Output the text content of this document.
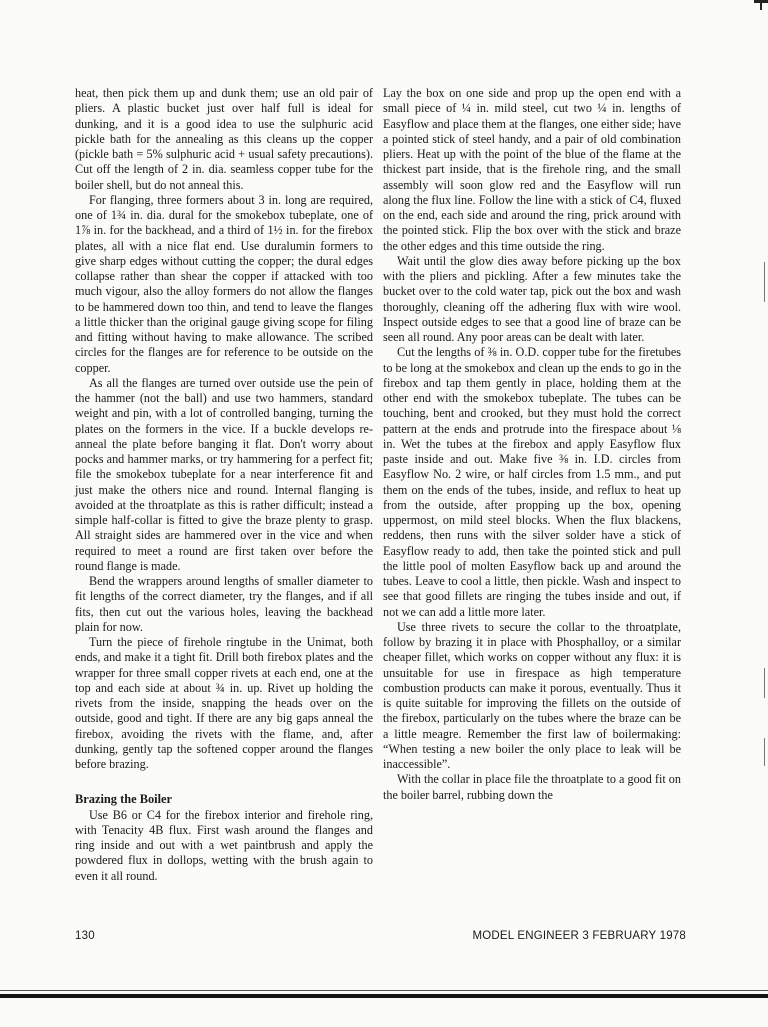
heat, then pick them up and dunk them; use an old pair of pliers. A plastic bucket just over half full is ideal for dunking, and it is a good idea to use the sulphuric acid pickle bath for the annealing as this cleans up the copper (pickle bath = 5% sulphuric acid + usual safety precautions). Cut off the length of 2 in. dia. seamless copper tube for the boiler shell, but do not anneal this.

For flanging, three formers about 3 in. long are required, one of 1¾ in. dia. dural for the smokebox tubeplate, one of 1⅞ in. for the backhead, and a third of 1½ in. for the firebox plates, all with a nice flat end. Use duralumin formers to give sharp edges without cutting the copper; the dural edges collapse rather than shear the copper if attacked with too much vigour, also the alloy formers do not allow the flanges to be hammered down too thin, and tend to leave the flanges a little thicker than the original gauge giving scope for filing and fitting without having to make allowance. The scribed circles for the flanges are for reference to be outside on the copper.

As all the flanges are turned over outside use the pein of the hammer (not the ball) and use two hammers, standard weight and pin, with a lot of controlled banging, turning the plates on the formers in the vice. If a buckle develops re-anneal the plate before banging it flat. Don't worry about pocks and hammer marks, or try hammering for a perfect fit; file the smokebox tubeplate for a near interference fit and just make the others nice and round. Internal flanging is avoided at the throatplate as this is rather difficult; instead a simple half-collar is fitted to give the braze plenty to grasp. All straight sides are hammered over in the vice and when required to meet a round are first taken over before the round flange is made.

Bend the wrappers around lengths of smaller diameter to fit lengths of the correct diameter, try the flanges, and if all fits, then cut out the various holes, leaving the backhead plain for now.

Turn the piece of firehole ringtube in the Unimat, both ends, and make it a tight fit. Drill both firebox plates and the wrapper for three small copper rivets at each end, one at the top and each side at about ¾ in. up. Rivet up holding the rivets from the inside, snapping the heads over on the outside, good and tight. If there are any big gaps anneal the firebox, avoiding the rivets with the flame, and, after dunking, gently tap the softened copper around the flanges before brazing.

Brazing the Boiler

Use B6 or C4 for the firebox interior and firehole ring, with Tenacity 4B flux. First wash around the flanges and ring inside and out with a wet paintbrush and apply the powdered flux in dollops, wetting with the brush again to even it all round.

Lay the box on one side and prop up the open end with a small piece of ¼ in. mild steel, cut two ¼ in. lengths of Easyflow and place them at the flanges, one either side; have a pointed stick of steel handy, and a pair of old combination pliers. Heat up with the point of the blue of the flame at the thickest part inside, that is the firehole ring, and the small assembly will soon glow red and the Easyflow will run along the flux line. Follow the line with a stick of C4, fluxed on the end, each side and around the ring, prick around with the pointed stick. Flip the box over with the stick and braze the other edges and this time outside the ring.

Wait until the glow dies away before picking up the box with the pliers and pickling. After a few minutes take the bucket over to the cold water tap, pick out the box and wash thoroughly, cleaning off the adhering flux with wire wool. Inspect outside edges to see that a good line of braze can be seen all round. Any poor areas can be dealt with later.

Cut the lengths of ⅜ in. O.D. copper tube for the firetubes to be long at the smokebox and clean up the ends to go in the firebox and tap them gently in place, holding them at the other end with the smokebox tubeplate. The tubes can be touching, bent and crooked, but they must hold the correct pattern at the ends and protrude into the firespace about ⅛ in. Wet the tubes at the firebox and apply Easyflow flux paste inside and out. Make five ⅜ in. I.D. circles from Easyflow No. 2 wire, or half circles from 1.5 mm., and put them on the ends of the tubes, inside, and reflux to heat up from the outside, after propping up the box, opening uppermost, on mild steel blocks. When the flux blackens, reddens, then runs with the silver solder have a stick of Easyflow ready to add, then take the pointed stick and pull the little pool of molten Easyflow back up and around the tubes. Leave to cool a little, then pickle. Wash and inspect to see that good fillets are ringing the tubes inside and out, if not we can add a little more later.

Use three rivets to secure the collar to the throatplate, follow by brazing it in place with Phosphalloy, or a similar cheaper fillet, which works on copper without any flux: it is unsuitable for use in firespace as high temperature combustion products can make it porous, eventually. Thus it is quite suitable for improving the fillets on the outside of the firebox, particularly on the tubes where the braze can be a little meagre. Remember the first law of boilermaking: “When testing a new boiler the only place to leak will be inaccessible”.

With the collar in place file the throatplate to a good fit on the boiler barrel, rubbing down the

130	MODEL ENGINEER 3 FEBRUARY 1978
